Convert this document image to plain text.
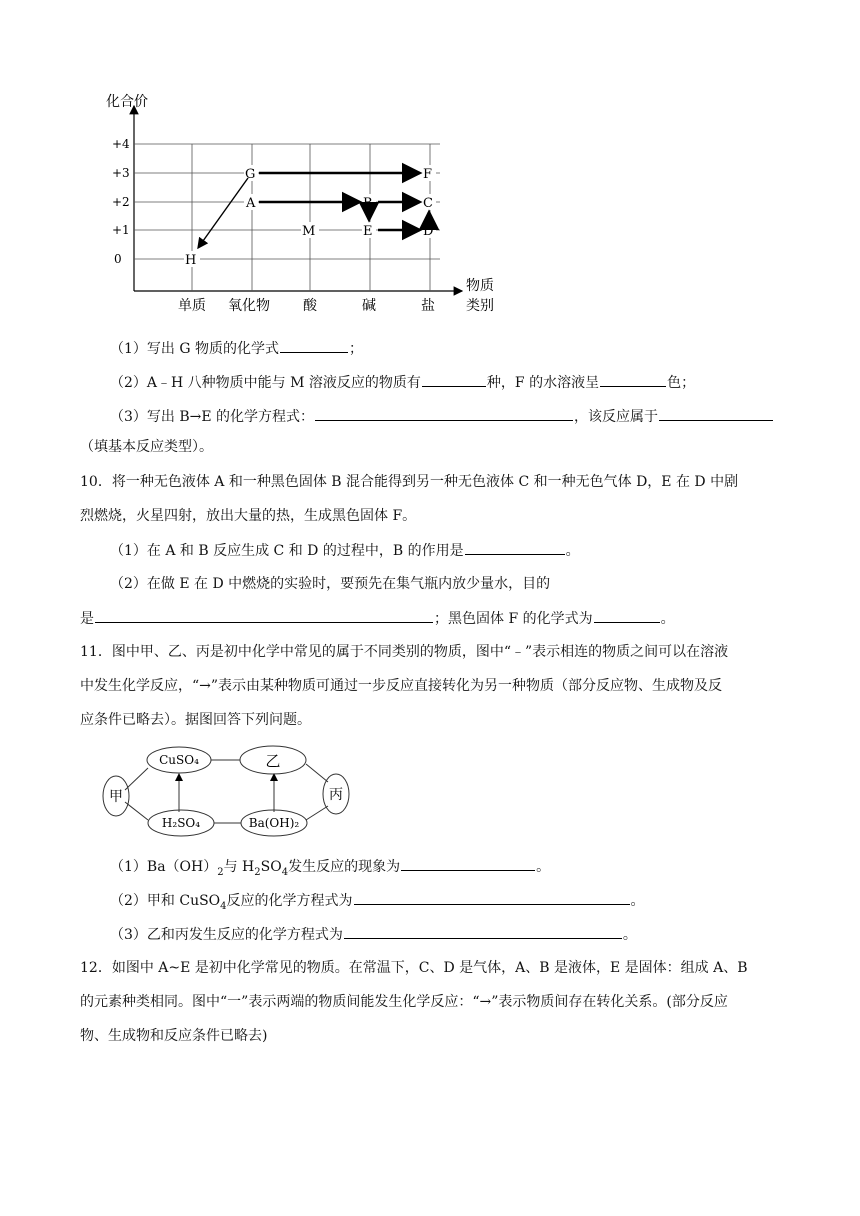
化合价
+4
+3
+2
+1
0
单质 氧化物 酸	碱	盐
物质
类别
G
A
H
M
B
E
F
C
D
（1）写出 G 物质的化学式	；
（2）A﹣H 八种物质中能与 M 溶液反应的物质有	种，F 的水溶液呈	色；
（3）写出 B→E 的化学方程式：	，该反应属于
（填基本反应类型）。
10．将一种无色液体 A 和一种黑色固体 B 混合能得到另一种无色液体 C 和一种无色气体 D，E 在 D 中剧
烈燃烧，火星四射，放出大量的热，生成黑色固体 F。
（1）在 A 和 B 反应生成 C 和 D 的过程中，B 的作用是	。
（2）在做 E 在 D 中燃烧的实验时，要预先在集气瓶内放少量水，目的
是	；黑色固体 F 的化学式为	。
11．图中甲、乙、丙是初中化学中常见的属于不同类别的物质，图中“﹣”表示相连的物质之间可以在溶液
中发生化学反应，“→”表示由某种物质可通过一步反应直接转化为另一种物质（部分反应物、生成物及反
应条件已略去）。据图回答下列问题。
CuSO₄	乙
甲	丙
H₂SO₄	Ba(OH)₂
$(1)Ba(OH)_2$与 $H_2SO_4$发生反应的现象为	。
（2）甲和 CuSO$_4$反应的化学方程式为	。
（3）乙和丙发生反应的化学方程式为	。
12．如图中 A~E 是初中化学常见的物质。在常温下，C、D 是气体，A、B 是液体，E 是固体：组成 A、B
的元素种类相同。图中“一”表示两端的物质间能发生化学反应：“→”表示物质间存在转化关系。(部分反应
物、生成物和反应条件已略去)
